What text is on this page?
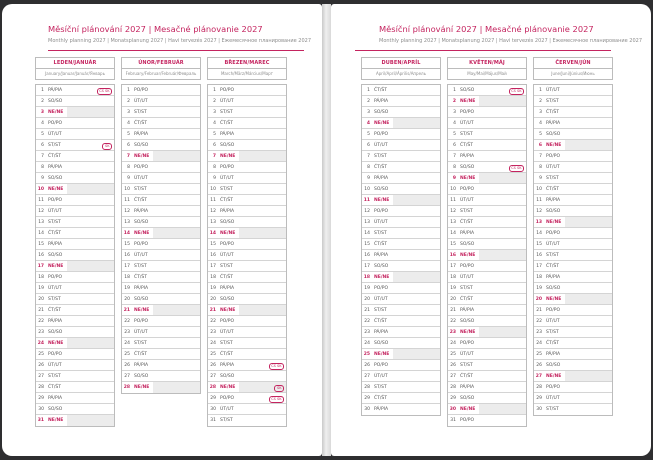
Měsíční plánování 2027 | Mesačné plánovanie 2027
Monthly planning 2027 | Monatsplanung 2027 | Havi tervezés 2027 | Ежемесячное планирование 2027
LEDEN/JANUÁR
January/Januar/Január/Январь
1 PÁ/PIA	ČS SK
2 SO/SO
3 NE/NE
4 PO/PO
5 ÚT/UT
6 ST/ST	SK
7 ČT/ŠT
8 PÁ/PIA
9 SO/SO
10 NE/NE
11 PO/PO
12 ÚT/UT
13 ST/ST
14 ČT/ŠT
15 PÁ/PIA
16 SO/SO
17 NE/NE
18 PO/PO
19 ÚT/UT
20 ST/ST
21 ČT/ŠT
22 PÁ/PIA
23 SO/SO
24 NE/NE
25 PO/PO
26 ÚT/UT
27 ST/ST
28 ČT/ŠT
29 PÁ/PIA
30 SO/SO
31 NE/NE
ÚNOR/FEBRUÁR
February/Februar/Február/Февраль
1 PO/PO
2 ÚT/UT
3 ST/ST
4 ČT/ŠT
5 PÁ/PIA
6 SO/SO
7 NE/NE
8 PO/PO
9 ÚT/UT
10 ST/ST
11 ČT/ŠT
12 PÁ/PIA
13 SO/SO
14 NE/NE
15 PO/PO
16 ÚT/UT
17 ST/ST
18 ČT/ŠT
19 PÁ/PIA
20 SO/SO
21 NE/NE
22 PO/PO
23 ÚT/UT
24 ST/ST
25 ČT/ŠT
26 PÁ/PIA
27 SO/SO
28 NE/NE
BŘEZEN/MAREC
March/März/Március/Март
1 PO/PO
2 ÚT/UT
3 ST/ST
4 ČT/ŠT
5 PÁ/PIA
6 SO/SO
7 NE/NE
8 PO/PO
9 ÚT/UT
10 ST/ST
11 ČT/ŠT
12 PÁ/PIA
13 SO/SO
14 NE/NE
15 PO/PO
16 ÚT/UT
17 ST/ST
18 ČT/ŠT
19 PÁ/PIA
20 SO/SO
21 NE/NE
22 PO/PO
23 ÚT/UT
24 ST/ST
25 ČT/ŠT
26 PÁ/PIA	ČS SK
27 SO/SO
28 NE/NE	SK
29 PO/PO	ČS SK
30 ÚT/UT
31 ST/ST
Měsíční plánování 2027 | Mesačné plánovanie 2027
Monthly planning 2027 | Monatsplanung 2027 | Havi tervezés 2027 | Ежемесячное планирование 2027
DUBEN/APRÍL
April/April/Április/Апрель
1 ČT/ŠT
2 PÁ/PIA
3 SO/SO
4 NE/NE
5 PO/PO
6 ÚT/UT
7 ST/ST
8 ČT/ŠT
9 PÁ/PIA
10 SO/SO
11 NE/NE
12 PO/PO
13 ÚT/UT
14 ST/ST
15 ČT/ŠT
16 PÁ/PIA
17 SO/SO
18 NE/NE
19 PO/PO
20 ÚT/UT
21 ST/ST
22 ČT/ŠT
23 PÁ/PIA
24 SO/SO
25 NE/NE
26 PO/PO
27 ÚT/UT
28 ST/ST
29 ČT/ŠT
30 PÁ/PIA
KVĚTEN/MÁJ
May/Mai/Május/Май
1 SO/SO	ČS SK
2 NE/NE
3 PO/PO
4 ÚT/UT
5 ST/ST
6 ČT/ŠT
7 PÁ/PIA
8 SO/SO	ČS SK
9 NE/NE
10 PO/PO
11 ÚT/UT
12 ST/ST
13 ČT/ŠT
14 PÁ/PIA
15 SO/SO
16 NE/NE
17 PO/PO
18 ÚT/UT
19 ST/ST
20 ČT/ŠT
21 PÁ/PIA
22 SO/SO
23 NE/NE
24 PO/PO
25 ÚT/UT
26 ST/ST
27 ČT/ŠT
28 PÁ/PIA
29 SO/SO
30 NE/NE
31 PO/PO
ČERVEN/JÚN
June/Juni/Június/Июнь
1 ÚT/UT
2 ST/ST
3 ČT/ŠT
4 PÁ/PIA
5 SO/SO
6 NE/NE
7 PO/PO
8 ÚT/UT
9 ST/ST
10 ČT/ŠT
11 PÁ/PIA
12 SO/SO
13 NE/NE
14 PO/PO
15 ÚT/UT
16 ST/ST
17 ČT/ŠT
18 PÁ/PIA
19 SO/SO
20 NE/NE
21 PO/PO
22 ÚT/UT
23 ST/ST
24 ČT/ŠT
25 PÁ/PIA
26 SO/SO
27 NE/NE
28 PO/PO
29 ÚT/UT
30 ST/ST
